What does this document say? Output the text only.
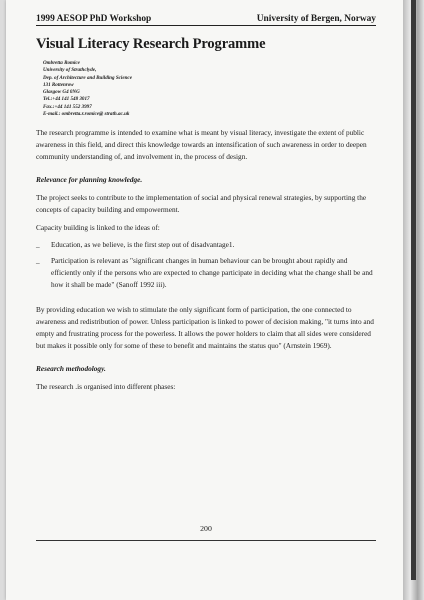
1999 AESOP PhD Workshop	University of Bergen, Norway
Visual Literacy Research Programme
Ombretta Romice
University of Strathclyde,
Dep. of Architecture and Building Science
131 Rottenrow
Glasgow G4 0NG
Tel.:+44 141 548 3017
Fax.:+44 141 552 3997
E-mail.: ombretta.r.romice@ strath.ac.uk

The research programme is intended to examine what is meant by visual literacy, investigate the extent of public awareness in this field, and direct this knowledge towards an intensification of such awareness in order to deepen community understanding of, and involvement in, the process of design.

Relevance for planning knowledge.

The project seeks to contribute to the implementation of social and physical renewal strategies, by supporting the concepts of capacity building and empowerment.

Capacity building is linked to the ideas of:

_ Education, as we believe, is the first step out of disadvantage1.
_ Participation is relevant as "significant changes in human behaviour can be brought about rapidly and efficiently only if the persons who are expected to change participate in deciding what the change shall be and how it shall be made" (Sanoff 1992 iii).

By providing education we wish to stimulate the only significant form of participation, the one connected to awareness and redistribution of power. Unless participation is linked to power of decision making, "it turns into and empty and frustrating process for the powerless. It allows the power holders to claim that all sides were considered but makes it possible only for some of these to benefit and maintains the status quo" (Arnstein 1969).

Research methodology.

The research .is organised into different phases:

200
